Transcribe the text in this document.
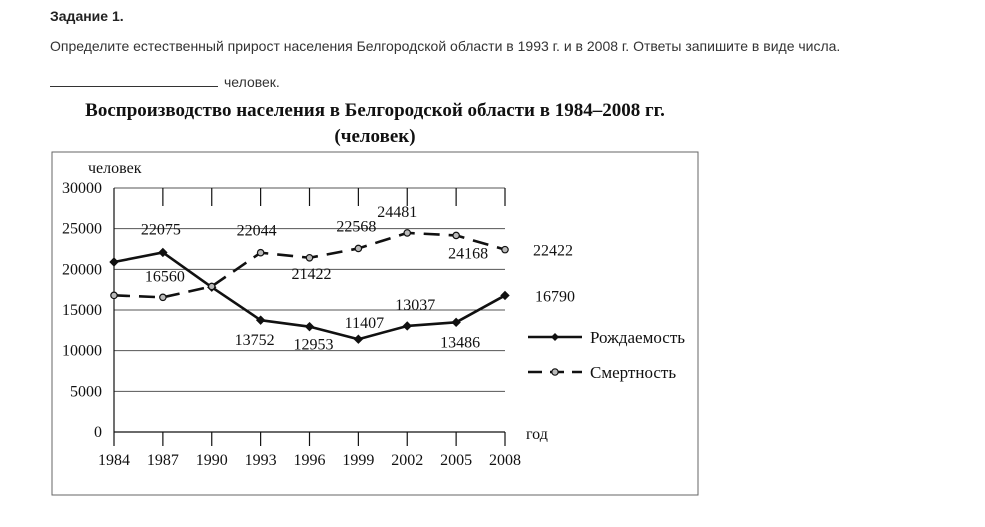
Задание 1.
Определите естественный прирост населения Белгородской области в 1993 г. и в 2008 г. Ответы запишите в виде числа.
человек.
Воспроизводство населения в Белгородской области в 1984–2008 гг.
(человек)
0
5000
10000
15000
20000
25000
30000
1984 1987 1990 1993 1996 1999 2002 2005 2008
22075
13752 12953
11407
13037
13486
16790
16560
22044
21422
22568
24481
24168	22422
Рождаемость
Смертность
человек
год
